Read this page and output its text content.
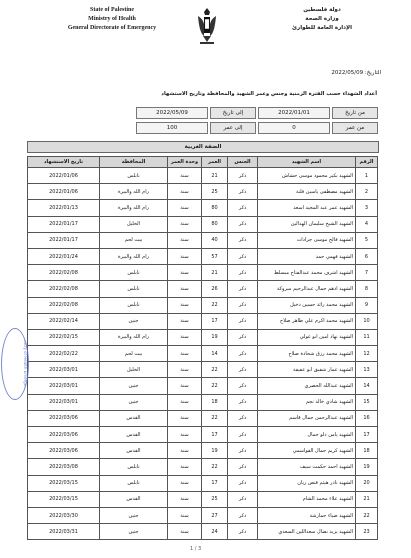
State of Palestine
Ministry of Health
General Directorate of Emergency
دولة فلسطين
وزارة الصحة
الإدارة العامة للطوارئ
التاريخ: 2022/05/09
أعداد الشهداء حسب الفترة الزمنية وجنس وعمر الشهيد والمحافظة وتاريخ الاستشهاد
من تاريخ
2022/01/01
إلى تاريخ
2022/05/09
من عمر
0
إلى عمر
100
الضفة الغربية
الرقم	اسم الشهيد	الجنس	العمر	وحدة العمر	المحافظة	تاريخ الاستشهاد
1	الشهيد بكير محمود موسى حشاش	ذكر	21	سنة	نابلس	2022/01/06
2	الشهيد مصطفى ياسين فلنة	ذكر	25	سنة	رام الله والبيرة	2022/01/06
3	الشهيد عمر عبد المجيد اسعد	ذكر	80	سنة	رام الله والبيرة	2022/01/13
4	الشهيد الشيخ سليمان الهذالين	ذكر	80	سنة	الخليل	2022/01/17
5	الشهيد فالح موسى جرادات	ذكر	40	سنة	بيت لحم	2022/01/17
6	الشهيد فهمي حمد	ذكر	57	سنة	رام الله والبيرة	2022/01/24
7	الشهيد اشرف محمد عبدالفتاح مبسلط	ذكر	21	سنة	نابلس	2022/02/08
8	الشهيد ادهم جمال عبدالرحيم مبروكة	ذكر	26	سنة	نابلس	2022/02/08
9	الشهيد محمد رائد حسين دخيل	ذكر	22	سنة	نابلس	2022/02/08
10	الشهيد محمد اكرم علي طاهر صلاح	ذكر	17	سنة	جنين	2022/02/14
11	الشهيد نهاد امين ابو غولي	ذكر	19	سنة	رام الله والبيرة	2022/02/15
12	الشهيد محمد رزق شحادة صلاح	ذكر	14	سنة	بيت لحم	2022/02/22
13	الشهيد عمار شفيق ابو عفيفة	ذكر	22	سنة	الخليل	2022/03/01
14	الشهيد عبدالله الحصري	ذكر	22	سنة	جنين	2022/03/01
15	الشهيد شادي خالد نجم	ذكر	18	سنة	جنين	2022/03/01
16	الشهيد عبدالرحمن جمال قاسم	ذكر	22	سنة	القدس	2022/03/06
17	الشهيد يامن دلو جمال	ذكر	17	سنة	القدس	2022/03/06
18	الشهيد كريم جمال القواسمي	ذكر	19	سنة	القدس	2022/03/06
19	الشهيد احمد حكمت سيف	ذكر	22	سنة	نابلس	2022/03/08
20	الشهيد نادر هيثم قنص ريان	ذكر	17	سنة	نابلس	2022/03/15
21	الشهيد علاء محمد الشام	ذكر	25	سنة	القدس	2022/03/15
22	الشهيد ضياء حمارشة	ذكر	27	سنة	جنين	2022/03/30
23	الشهيد يزيد نضال سعداللين السعدي	ذكر	24	سنة	جنين	2022/03/31
Ministry of Health Emergency
1 / 3
